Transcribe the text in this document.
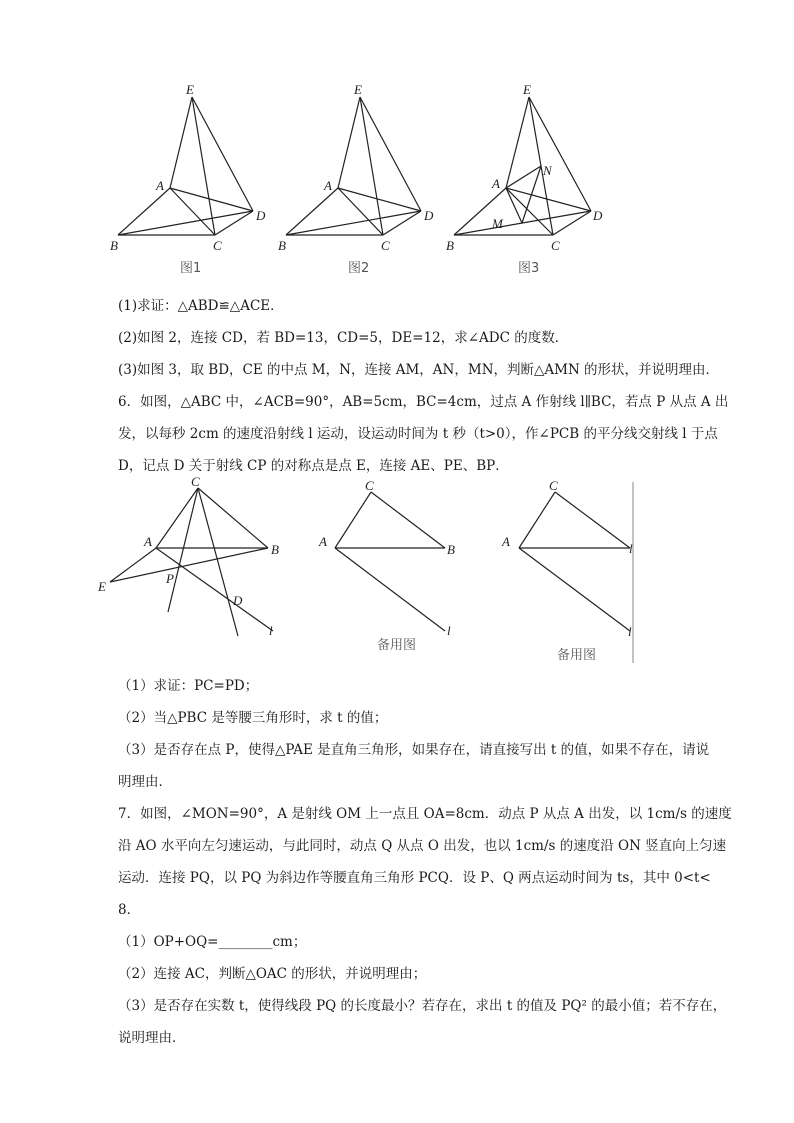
E
A
D
B	C
图1
E
A
D
B	C
图2
E
A
N
M
D
B	C
图3
(1)求证：△ABD≌△ACE．
(2)如图 2，连接 CD，若 BD=13，CD=5，DE=12，求∠ADC 的度数．
(3)如图 3，取 BD，CE 的中点 M，N，连接 AM，AN，MN，判断△AMN 的形状，并说明理由．
6．如图，△ABC 中，∠ACB=90°，AB=5cm，BC=4cm，过点 A 作射线 l∥BC，若点 P 从点 A 出
发，以每秒 2cm 的速度沿射线 l 运动，设运动时间为 t 秒（t>0），作∠PCB 的平分线交射线 l 于点
D，记点 D 关于射线 CP 的对称点是点 E，连接 AE、PE、BP．
C
A
B
E
P
D
l
C
A
B
l
备用图
C
A	l
l
备用图
（1）求证：PC=PD；
（2）当△PBC 是等腰三角形时，求 t 的值；
（3）是否存在点 P，使得△PAE 是直角三角形，如果存在，请直接写出 t 的值，如果不存在，请说
明理由．
7．如图，∠MON=90°，A 是射线 OM 上一点且 OA=8cm．动点 P 从点 A 出发，以 1cm/s 的速度
沿 AO 水平向左匀速运动，与此同时，动点 Q 从点 O 出发，也以 1cm/s 的速度沿 ON 竖直向上匀速
运动．连接 PQ，以 PQ 为斜边作等腰直角三角形 PCQ．设 P、Q 两点运动时间为 ts，其中 0<t<
8．
（1）OP+OQ=________cm；
（2）连接 AC，判断△OAC 的形状，并说明理由；
（3）是否存在实数 t，使得线段 PQ 的长度最小？若存在，求出 t 的值及 PQ² 的最小值；若不存在，
说明理由．
